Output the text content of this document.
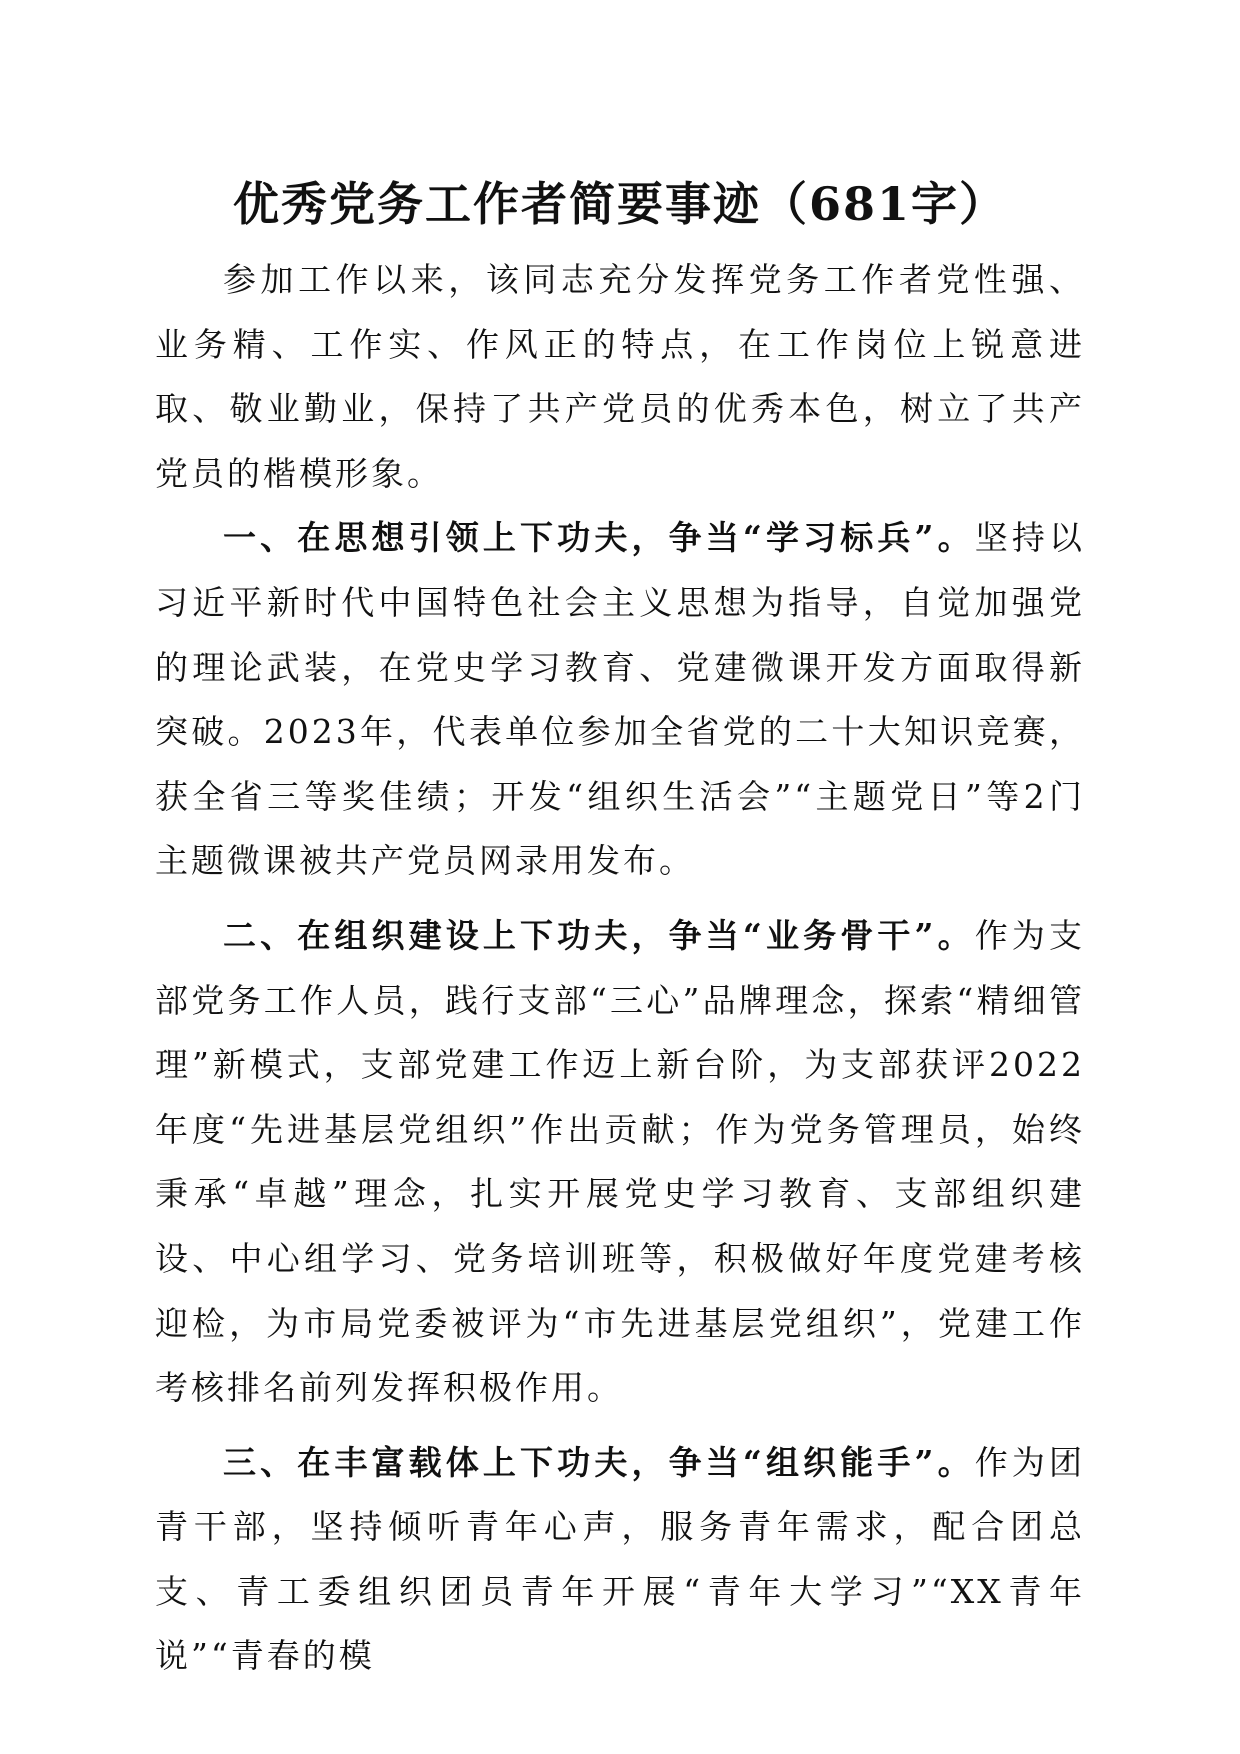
优秀党务工作者简要事迹（681字）

参加工作以来，该同志充分发挥党务工作者党性强、业务精、工作实、作风正的特点，在工作岗位上锐意进取、敬业勤业，保持了共产党员的优秀本色，树立了共产党员的楷模形象。

一、在思想引领上下功夫，争当“学习标兵”。坚持以习近平新时代中国特色社会主义思想为指导，自觉加强党的理论武装，在党史学习教育、党建微课开发方面取得新突破。2023年，代表单位参加全省党的二十大知识竞赛，获全省三等奖佳绩；开发“组织生活会”“主题党日”等2门主题微课被共产党员网录用发布。

二、在组织建设上下功夫，争当“业务骨干”。作为支部党务工作人员，践行支部“三心”品牌理念，探索“精细管理”新模式，支部党建工作迈上新台阶，为支部获评2022年度“先进基层党组织”作出贡献；作为党务管理员，始终秉承“卓越”理念，扎实开展党史学习教育、支部组织建设、中心组学习、党务培训班等，积极做好年度党建考核迎检，为市局党委被评为“市先进基层党组织”，党建工作考核排名前列发挥积极作用。

三、在丰富载体上下功夫，争当“组织能手”。作为团青干部，坚持倾听青年心声，服务青年需求，配合团总支、青工委组织团员青年开展“青年大学习”“XX青年说”“青春的模
